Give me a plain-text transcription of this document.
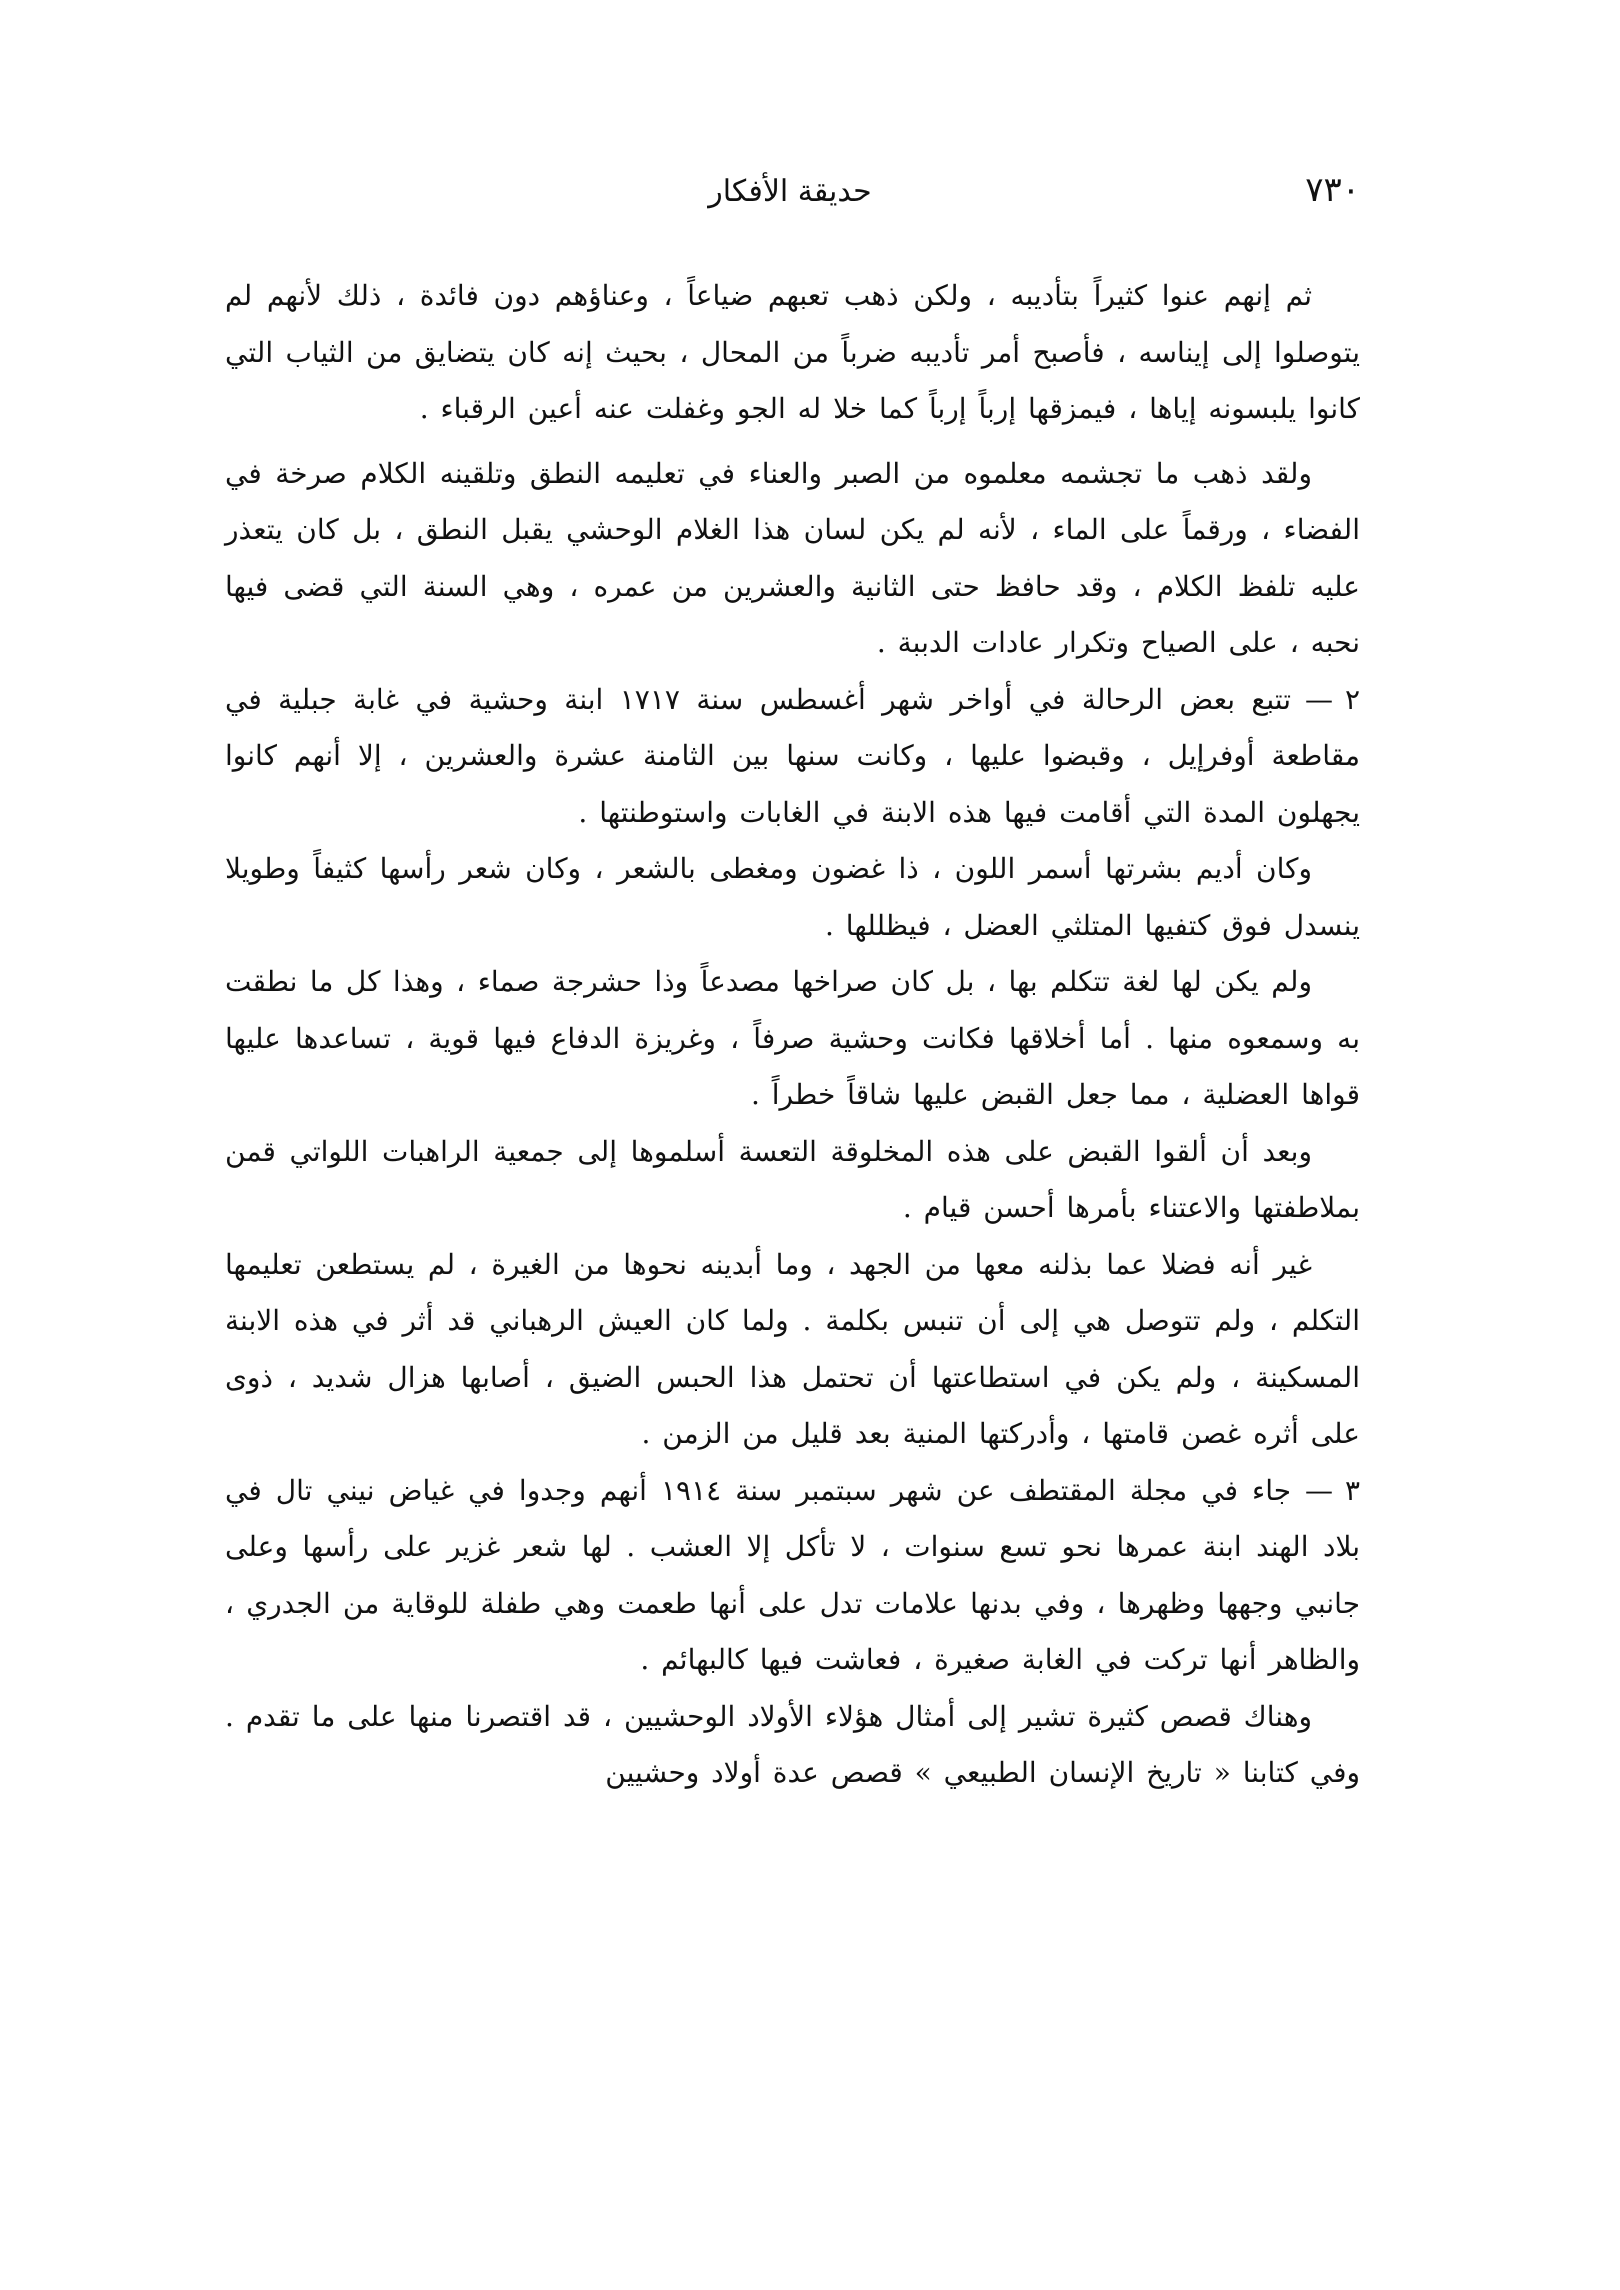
٧٣٠
حديقة الأفكار

ثم إنهم عنوا كثيراً بتأديبه ، ولكن ذهب تعبهم ضياعاً ، وعناؤهم دون فائدة ، ذلك لأنهم لم يتوصلوا إلى إيناسه ، فأصبح أمر تأديبه ضرباً من المحال ، بحيث إنه كان يتضايق من الثياب التي كانوا يلبسونه إياها ، فيمزقها إرباً إرباً كما خلا له الجو وغفلت عنه أعين الرقباء .

ولقد ذهب ما تجشمه معلموه من الصبر والعناء في تعليمه النطق وتلقينه الكلام صرخة في الفضاء ، ورقماً على الماء ، لأنه لم يكن لسان هذا الغلام الوحشي يقبل النطق ، بل كان يتعذر عليه تلفظ الكلام ، وقد حافظ حتى الثانية والعشرين من عمره ، وهي السنة التي قضى فيها نحبه ، على الصياح وتكرار عادات الدببة .

٢ —تتبع بعض الرحالة في أواخر شهر أغسطس سنة ١٧١٧ ابنة وحشية في غابة جبلية في مقاطعة أوفرإيل ، وقبضوا عليها ، وكانت سنها بين الثامنة عشرة والعشرين ، إلا أنهم كانوا يجهلون المدة التي أقامت فيها هذه الابنة في الغابات واستوطنتها .

وكان أديم بشرتها أسمر اللون ، ذا غضون ومغطى بالشعر ، وكان شعر رأسها كثيفاً وطويلا ينسدل فوق كتفيها المتلثي العضل ، فيظللها .

ولم يكن لها لغة تتكلم بها ، بل كان صراخها مصدعاً وذا حشرجة صماء ، وهذا كل ما نطقت به وسمعوه منها . أما أخلاقها فكانت وحشية صرفاً ، وغريزة الدفاع فيها قوية ، تساعدها عليها قواها العضلية ، مما جعل القبض عليها شاقاً خطراً .

وبعد أن ألقوا القبض على هذه المخلوقة التعسة أسلموها إلى جمعية الراهبات اللواتي قمن بملاطفتها والاعتناء بأمرها أحسن قيام .

غير أنه فضلا عما بذلنه معها من الجهد ، وما أبدينه نحوها من الغيرة ، لم يستطعن تعليمها التكلم ، ولم تتوصل هي إلى أن تنبس بكلمة . ولما كان العيش الرهباني قد أثر في هذه الابنة المسكينة ، ولم يكن في استطاعتها أن تحتمل هذا الحبس الضيق ، أصابها هزال شديد ، ذوى على أثره غصن قامتها ، وأدركتها المنية بعد قليل من الزمن .

٣ —جاء في مجلة المقتطف عن شهر سبتمبر سنة ١٩١٤ أنهم وجدوا في غياض نيني تال في بلاد الهند ابنة عمرها نحو تسع سنوات ، لا تأكل إلا العشب . لها شعر غزير على رأسها وعلى جانبي وجهها وظهرها ، وفي بدنها علامات تدل على أنها طعمت وهي طفلة للوقاية من الجدري ، والظاهر أنها تركت في الغابة صغيرة ، فعاشت فيها كالبهائم .

وهناك قصص كثيرة تشير إلى أمثال هؤلاء الأولاد الوحشيين ، قد اقتصرنا منها على ما تقدم . وفي كتابنا « تاريخ الإنسان الطبيعي » قصص عدة أولاد وحشيين
